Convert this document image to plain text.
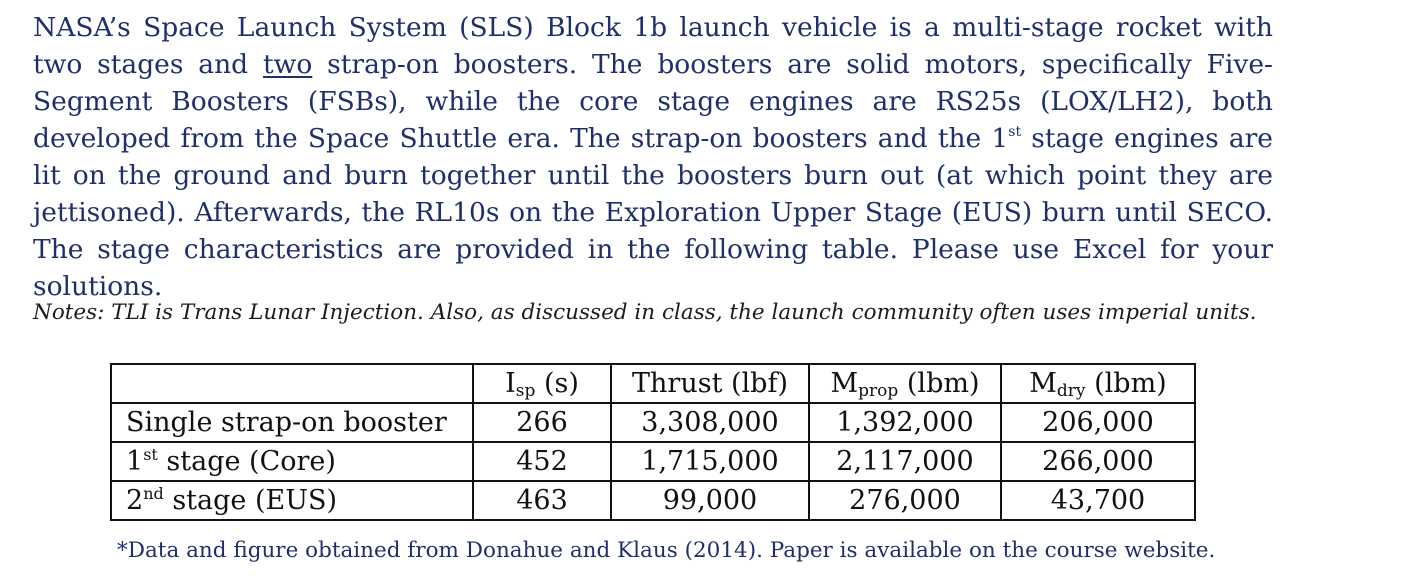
NASA’s Space Launch System (SLS) Block 1b launch vehicle is a multi-stage rocket with two stages and two strap-on boosters. The boosters are solid motors, specifically Five-Segment Boosters (FSBs), while the core stage engines are RS25s (LOX/LH2), both developed from the Space Shuttle era. The strap-on boosters and the 1st stage engines are lit on the ground and burn together until the boosters burn out (at which point they are jettisoned). Afterwards, the RL10s on the Exploration Upper Stage (EUS) burn until SECO. The stage characteristics are provided in the following table. Please use Excel for your solutions.

Notes: TLI is Trans Lunar Injection. Also, as discussed in class, the launch community often uses imperial units.

	$I_{sp}$ (s)	Thrust (lbf)	$M_{prop}$ (lbm)	$M_{dry}$ (lbm)
Single strap-on booster	266	3,308,000	1,392,000	206,000
1st stage (Core)	452	1,715,000	2,117,000	266,000
2nd stage (EUS)	463	99,000	276,000	43,700

*Data and figure obtained from Donahue and Klaus (2014). Paper is available on the course website.
